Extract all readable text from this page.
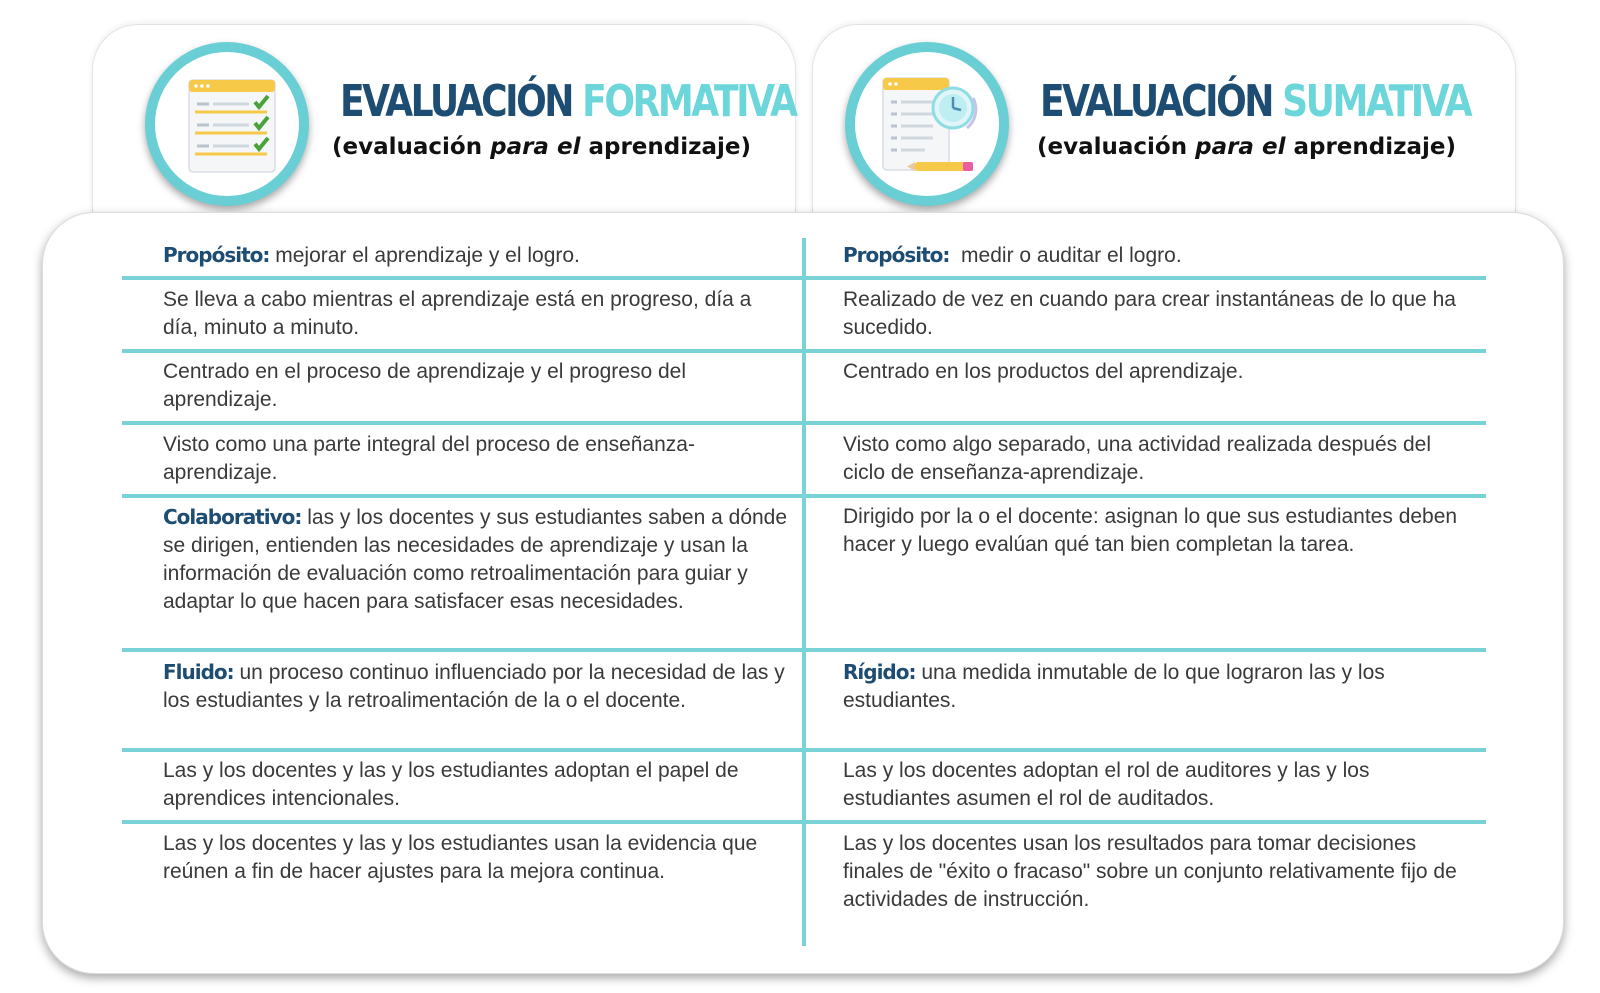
EVALUACIÓN FORMATIVA
(evaluación para el aprendizaje)
EVALUACIÓN SUMATIVA
(evaluación para el aprendizaje)
Propósito: mejorar el aprendizaje y el logro.	Propósito:  medir o auditar el logro.
Se lleva a cabo mientras el aprendizaje está en progreso, día a día, minuto a minuto.
Realizado de vez en cuando para crear instantáneas de lo que ha sucedido.
Centrado en el proceso de aprendizaje y el progreso del aprendizaje.
Centrado en los productos del aprendizaje.
Visto como una parte integral del proceso de enseñanza-aprendizaje.
Visto como algo separado, una actividad realizada después del ciclo de enseñanza-aprendizaje.
Colaborativo: las y los docentes y sus estudiantes saben a dónde se dirigen, entienden las necesidades de aprendizaje y usan la información de evaluación como retroalimentación para guiar y adaptar lo que hacen para satisfacer esas necesidades.
Dirigido por la o el docente: asignan lo que sus estudiantes deben hacer y luego evalúan qué tan bien completan la tarea.
Fluido: un proceso continuo influenciado por la necesidad de las y los estudiantes y la retroalimentación de la o el docente.
Rígido: una medida inmutable de lo que lograron las y los estudiantes.
Las y los docentes y las y los estudiantes adoptan el papel de aprendices intencionales.
Las y los docentes adoptan el rol de auditores y las y los estudiantes asumen el rol de auditados.
Las y los docentes y las y los estudiantes usan la evidencia que reúnen a fin de hacer ajustes para la mejora continua.
Las y los docentes usan los resultados para tomar decisiones finales de "éxito o fracaso" sobre un conjunto relativamente fijo de actividades de instrucción.
